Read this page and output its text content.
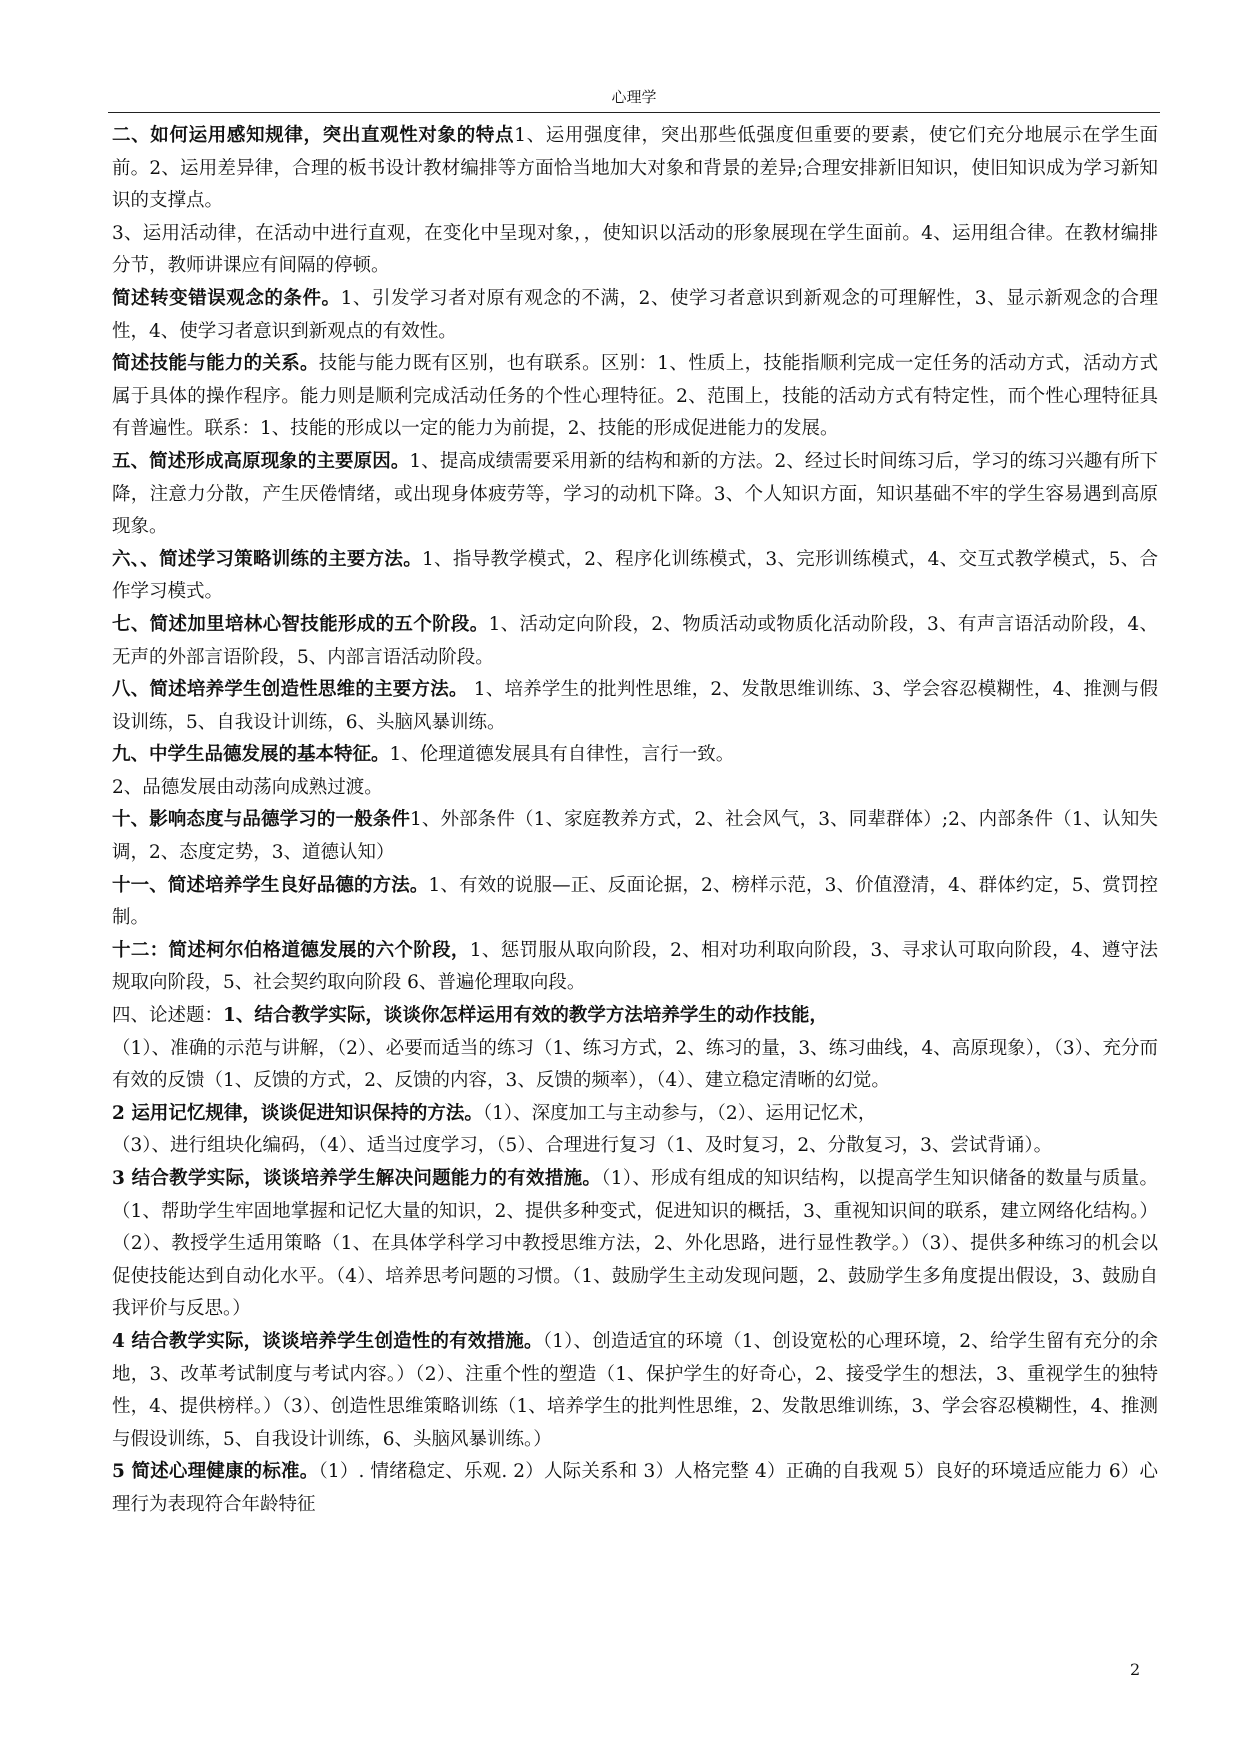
心理学

二、如何运用感知规律，突出直观性对象的特点1、运用强度律，突出那些低强度但重要的要素，使它们充分地展示在学生面前。2、运用差异律，合理的板书设计教材编排等方面恰当地加大对象和背景的差异;合理安排新旧知识，使旧知识成为学习新知识的支撑点。

3、运用活动律，在活动中进行直观，在变化中呈现对象，，使知识以活动的形象展现在学生面前。4、运用组合律。在教材编排分节，教师讲课应有间隔的停顿。

简述转变错误观念的条件。1、引发学习者对原有观念的不满，2、使学习者意识到新观念的可理解性，3、显示新观念的合理性，4、使学习者意识到新观点的有效性。

简述技能与能力的关系。技能与能力既有区别，也有联系。区别：1、性质上，技能指顺利完成一定任务的活动方式，活动方式属于具体的操作程序。能力则是顺利完成活动任务的个性心理特征。2、范围上，技能的活动方式有特定性，而个性心理特征具有普遍性。联系：1、技能的形成以一定的能力为前提，2、技能的形成促进能力的发展。

五、简述形成高原现象的主要原因。1、提高成绩需要采用新的结构和新的方法。2、经过长时间练习后，学习的练习兴趣有所下降，注意力分散，产生厌倦情绪，或出现身体疲劳等，学习的动机下降。3、个人知识方面，知识基础不牢的学生容易遇到高原现象。

六、、简述学习策略训练的主要方法。1、指导教学模式，2、程序化训练模式，3、完形训练模式，4、交互式教学模式，5、合作学习模式。

七、简述加里培林心智技能形成的五个阶段。1、活动定向阶段，2、物质活动或物质化活动阶段，3、有声言语活动阶段，4、无声的外部言语阶段，5、内部言语活动阶段。

八、简述培养学生创造性思维的主要方法。 1、培养学生的批判性思维，2、发散思维训练、3、学会容忍模糊性，4、推测与假设训练，5、自我设计训练，6、头脑风暴训练。

九、中学生品德发展的基本特征。1、伦理道德发展具有自律性，言行一致。

2、品德发展由动荡向成熟过渡。

十、影响态度与品德学习的一般条件1、外部条件（1、家庭教养方式，2、社会风气，3、同辈群体）;2、内部条件（1、认知失调，2、态度定势，3、道德认知）

十一、简述培养学生良好品德的方法。1、有效的说服—正、反面论据，2、榜样示范，3、价值澄清，4、群体约定，5、赏罚控制。

十二：简述柯尔伯格道德发展的六个阶段，1、惩罚服从取向阶段，2、相对功利取向阶段，3、寻求认可取向阶段，4、遵守法规取向阶段，5、社会契约取向阶段 6、普遍伦理取向段。

四、论述题：1、结合教学实际，谈谈你怎样运用有效的教学方法培养学生的动作技能，

（1）、准确的示范与讲解，（2）、必要而适当的练习（1、练习方式，2、练习的量，3、练习曲线，4、高原现象），（3）、充分而有效的反馈（1、反馈的方式，2、反馈的内容，3、反馈的频率），（4）、建立稳定清晰的幻觉。

2 运用记忆规律，谈谈促进知识保持的方法。（1）、深度加工与主动参与，（2）、运用记忆术，

（3）、进行组块化编码，（4）、适当过度学习，（5）、合理进行复习（1、及时复习，2、分散复习，3、尝试背诵）。

3 结合教学实际，谈谈培养学生解决问题能力的有效措施。（1）、形成有组成的知识结构，以提高学生知识储备的数量与质量。（1、帮助学生牢固地掌握和记忆大量的知识，2、提供多种变式，促进知识的概括，3、重视知识间的联系，建立网络化结构。）（2）、教授学生适用策略（1、在具体学科学习中教授思维方法，2、外化思路，进行显性教学。）（3）、提供多种练习的机会以促使技能达到自动化水平。（4）、培养思考问题的习惯。（1、鼓励学生主动发现问题，2、鼓励学生多角度提出假设，3、鼓励自我评价与反思。）

4 结合教学实际，谈谈培养学生创造性的有效措施。（1）、创造适宜的环境（1、创设宽松的心理环境，2、给学生留有充分的余地，3、改革考试制度与考试内容。）（2）、注重个性的塑造（1、保护学生的好奇心，2、接受学生的想法，3、重视学生的独特性，4、提供榜样。）（3）、创造性思维策略训练（1、培养学生的批判性思维，2、发散思维训练，3、学会容忍模糊性，4、推测与假设训练，5、自我设计训练，6、头脑风暴训练。）

5 简述心理健康的标准。（1）. 情绪稳定、乐观. 2）人际关系和 3）人格完整 4）正确的自我观 5）良好的环境适应能力 6）心理行为表现符合年龄特征

2
